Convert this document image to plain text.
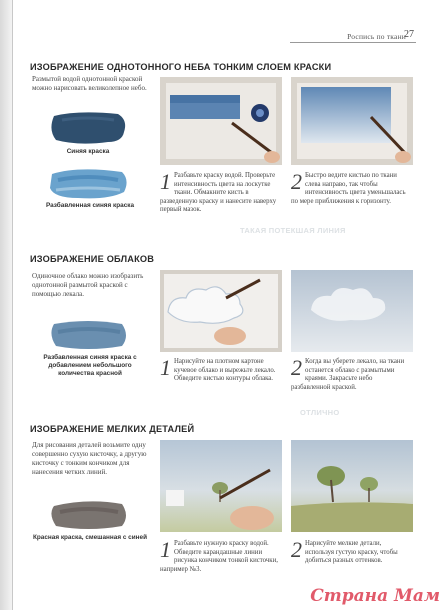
Роспись по ткани
27
ТАКАЯ ПОТЕКШАЯ ЛИНИЯ
ОТЛИЧНО
ИЗОБРАЖЕНИЕ ОДНОТОННОГО НЕБА ТОНКИМ СЛОЕМ КРАСКИ
Размытой водой однотонной краской можно нарисовать великолепное небо.
Синяя краска
Разбавленная синяя краска
1 Разбавьте краску водой. Проверьте интенсивность цвета на лоскутке ткани. Обмакните кисть в разведенную краску и нанесите наверху первый мазок.
2 Быстро ведите кистью по ткани слева направо, так чтобы интенсивность цвета уменьшалась по мере приближения к горизонту.
ИЗОБРАЖЕНИЕ ОБЛАКОВ
Одиночное облако можно изобразить однотонной размытой краской с помощью лекала.
Разбавленная синяя краска с добавлением небольшого количества красной	1 Нарисуйте на плотном картоне кучевое облако и вырежьте лекало. Обведите кистью контуры облака. 2 Когда вы уберете лекало, на ткани останется облако с размытыми краями. Закрасьте небо разбавленной краской.
ИЗОБРАЖЕНИЕ МЕЛКИХ ДЕТАЛЕЙ
Для рисования деталей возьмите одну совершенно сухую кисточку, а другую кисточку с тонким кончиком для нанесения четких линий.
Красная краска, смешанная с синей 1 Разбавьте нужную краску водой. Обведите карандашные линии рисунка кончиком тонкой кисточки, например №3.
2 Нарисуйте мелкие детали, используя густую краску, чтобы добиться разных оттенков.
Страна Мам
